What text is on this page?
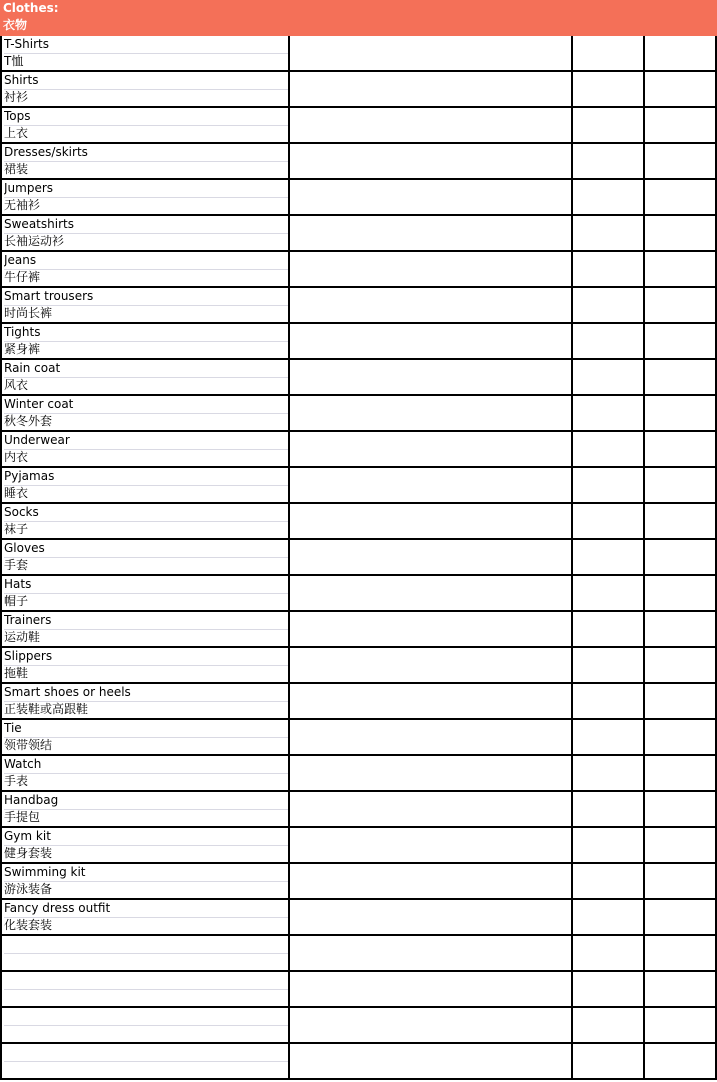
Clothes:
衣物
T-Shirts
T恤
Shirts
衬衫
Tops
上衣
Dresses/skirts
裙装
Jumpers
无袖衫
Sweatshirts
长袖运动衫
Jeans
牛仔裤
Smart trousers
时尚长裤
Tights
紧身裤
Rain coat
风衣
Winter coat
秋冬外套
Underwear
内衣
Pyjamas
睡衣
Socks
袜子
Gloves
手套
Hats
帽子
Trainers
运动鞋
Slippers
拖鞋
Smart shoes or heels
正装鞋或高跟鞋
Tie
领带领结
Watch
手表
Handbag
手提包
Gym kit
健身套装
Swimming kit
游泳装备
Fancy dress outfit
化装套装
